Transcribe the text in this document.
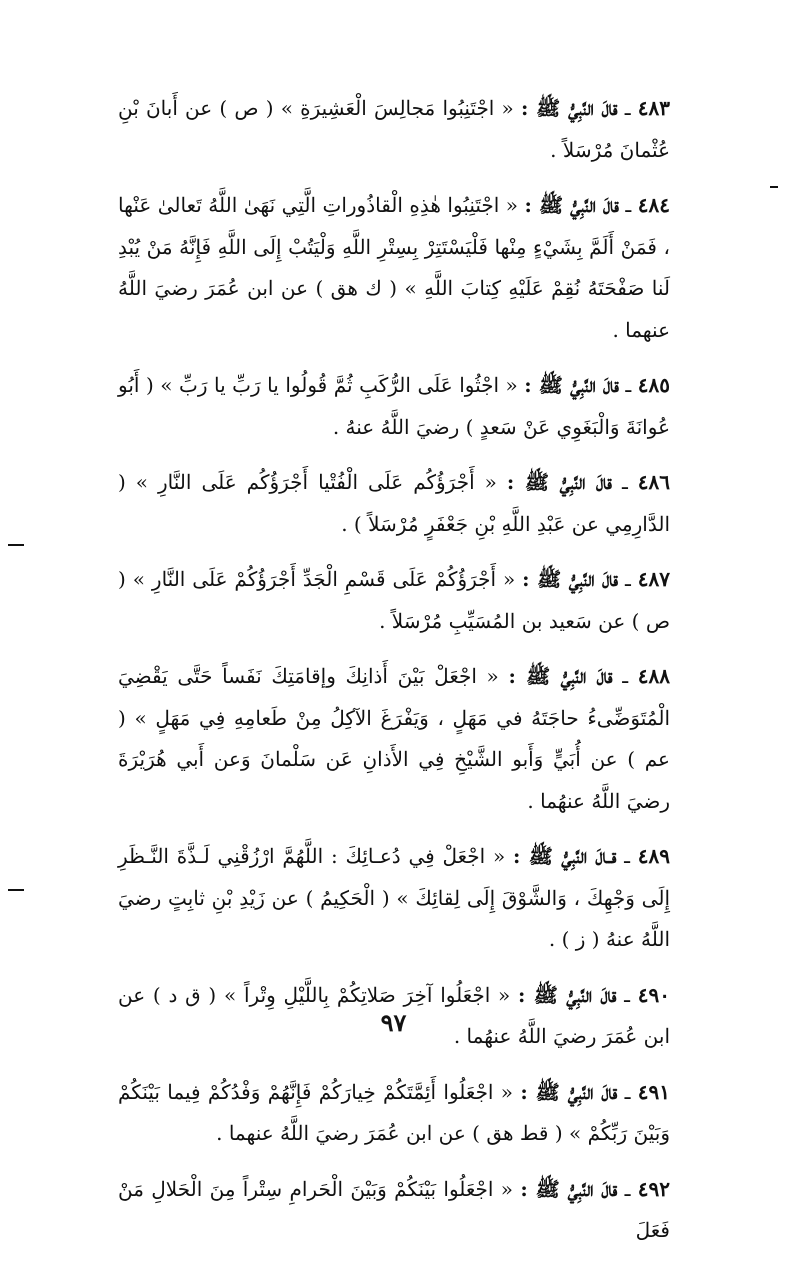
٤٨٣ ـ قالَ النَّبِيُّ ﷺ : « اجْتَنِبُوا مَجالِسَ الْعَشِيرَةِ » ( ص ) عن أَبانَ بْنِ عُثْمانَ مُرْسَلاً .

٤٨٤ ـ قالَ النَّبِيُّ ﷺ : « اجْتَنِبُوا هٰذِهِ الْقاذُوراتِ الَّتِي نَهَىٰ اللَّهُ تَعالىٰ عَنْها ، فَمَنْ أَلَمَّ بِشَيْءٍ مِنْها فَلْيَسْتَتِرْ بِسِتْرِ اللَّهِ وَلْيَتُبْ إِلَى اللَّهِ فَإِنَّهُ مَنْ يُبْدِ لَنا صَفْحَتَهُ نُقِمْ عَلَيْهِ كِتابَ اللَّهِ » ( ك هق ) عن ابن عُمَرَ رضيَ اللَّهُ عنهما .

٤٨٥ ـ قالَ النَّبِيُّ ﷺ : « اجْثُوا عَلَى الرُّكَبِ ثُمَّ قُولُوا يا رَبِّ يا رَبِّ » ( أَبُو عُوانَةَ وَالْبَغَوِي عَنْ سَعدٍ ) رضيَ اللَّهُ عنهُ .

٤٨٦ ـ قالَ النَّبِيُّ ﷺ : « أَجْرَؤُكُم عَلَى الْفُتْيا أَجْرَؤُكُم عَلَى النَّارِ » ( الدَّارِمِي عن عَبْدِ اللَّهِ بْنِ جَعْفَرٍ مُرْسَلاً ) .

٤٨٧ ـ قالَ النَّبِيُّ ﷺ : « أَجْرَؤُكُمْ عَلَى قَسْمِ الْجَدِّ أَجْرَؤُكُمْ عَلَى النَّارِ » ( ص ) عن سَعيد بن المُسَيِّبِ مُرْسَلاً .

٤٨٨ ـ قالَ النَّبِيُّ ﷺ : « اجْعَلْ بَيْنَ أَذانِكَ وإقامَتِكَ نَفَساً حَتَّى يَقْضِيَ الْمُتَوَضِّىءُ حاجَتَهُ في مَهَلٍ ، وَيَفْرَغَ الآكِلُ مِنْ طَعامِهِ فِي مَهَلٍ » ( عم ) عن أُبَيٍّ وَأَبو الشَّيْخِ فِي الأَذانِ عَن سَلْمانَ وَعن أَبي هُرَيْرَةَ رضيَ اللَّهُ عنهُما .

٤٨٩ ـ قــالَ النَّبِيُّ ﷺ : « اجْعَلْ فِي دُعـائِكَ : اللَّهُمَّ ارْزُقْنِي لَـذَّةَ النَّـظَرِ إِلَى وَجْهِكَ ، وَالشَّوْقَ إِلَى لِقائِكَ » ( الْحَكِيمُ ) عن زَيْدِ بْنِ ثابِتٍ رضيَ اللَّهُ عنهُ ( ز ) .

٤٩٠ ـ قالَ النَّبِيُّ ﷺ : « اجْعَلُوا آخِرَ صَلاتِكُمْ بِاللَّيْلِ وِتْراً » ( ق د ) عن ابن عُمَرَ رضيَ اللَّهُ عنهُما .

٤٩١ ـ قالَ النَّبِيُّ ﷺ : « اجْعَلُوا أَئِمَّتَكُمْ خِيارَكُمْ فَإِنَّهُمْ وَفْدُكُمْ فِيما بَيْنَكُمْ وَبَيْنَ رَبِّكُمْ » ( قط هق ) عن ابن عُمَرَ رضيَ اللَّهُ عنهما .

٤٩٢ ـ قالَ النَّبِيُّ ﷺ : « اجْعَلُوا بَيْنَكُمْ وَبَيْنَ الْحَرامِ سِتْراً مِنَ الْحَلالِ مَنْ فَعَلَ

٩٧
